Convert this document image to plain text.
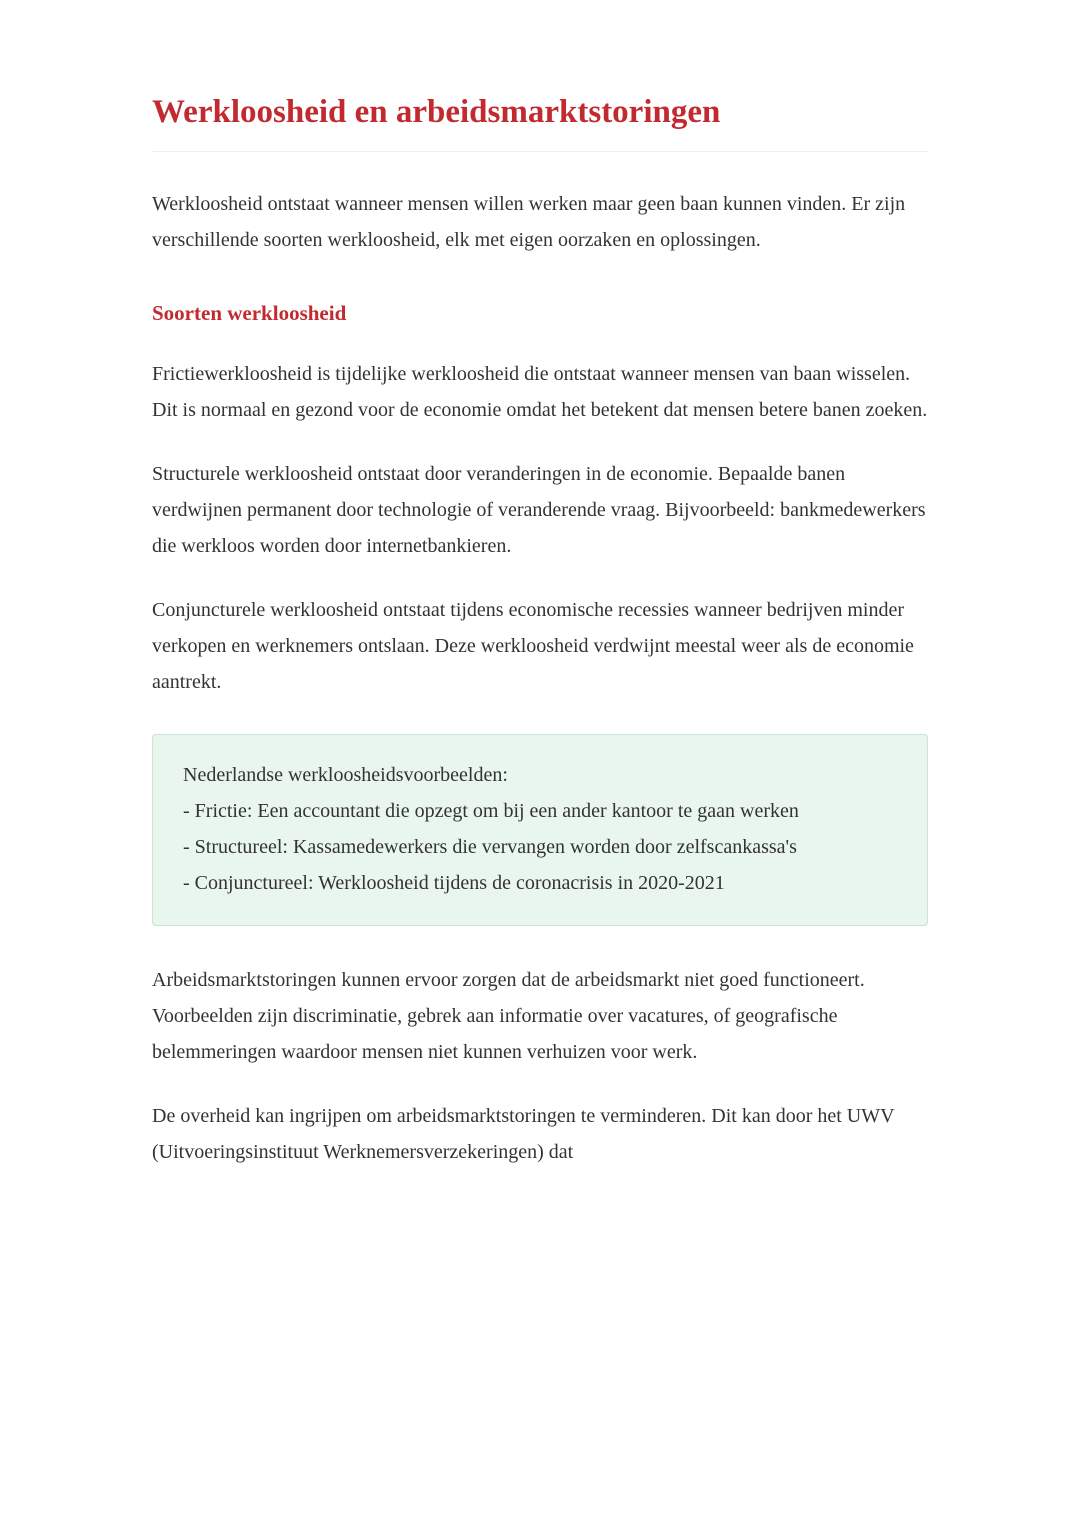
Werkloosheid en arbeidsmarktstoringen

Werkloosheid ontstaat wanneer mensen willen werken maar geen baan kunnen vinden. Er zijn verschillende soorten werkloosheid, elk met eigen oorzaken en oplossingen.

Soorten werkloosheid

Frictiewerkloosheid is tijdelijke werkloosheid die ontstaat wanneer mensen van baan wisselen. Dit is normaal en gezond voor de economie omdat het betekent dat mensen betere banen zoeken.

Structurele werkloosheid ontstaat door veranderingen in de economie. Bepaalde banen verdwijnen permanent door technologie of veranderende vraag. Bijvoorbeeld: bankmedewerkers die werkloos worden door internetbankieren.

Conjuncturele werkloosheid ontstaat tijdens economische recessies wanneer bedrijven minder verkopen en werknemers ontslaan. Deze werkloosheid verdwijnt meestal weer als de economie aantrekt.

Nederlandse werkloosheidsvoorbeelden:
- Frictie: Een accountant die opzegt om bij een ander kantoor te gaan werken
- Structureel: Kassamedewerkers die vervangen worden door zelfscankassa's
- Conjunctureel: Werkloosheid tijdens de coronacrisis in 2020-2021

Arbeidsmarktstoringen kunnen ervoor zorgen dat de arbeidsmarkt niet goed functioneert. Voorbeelden zijn discriminatie, gebrek aan informatie over vacatures, of geografische belemmeringen waardoor mensen niet kunnen verhuizen voor werk.

De overheid kan ingrijpen om arbeidsmarktstoringen te verminderen. Dit kan door het UWV (Uitvoeringsinstituut Werknemersverzekeringen) dat
